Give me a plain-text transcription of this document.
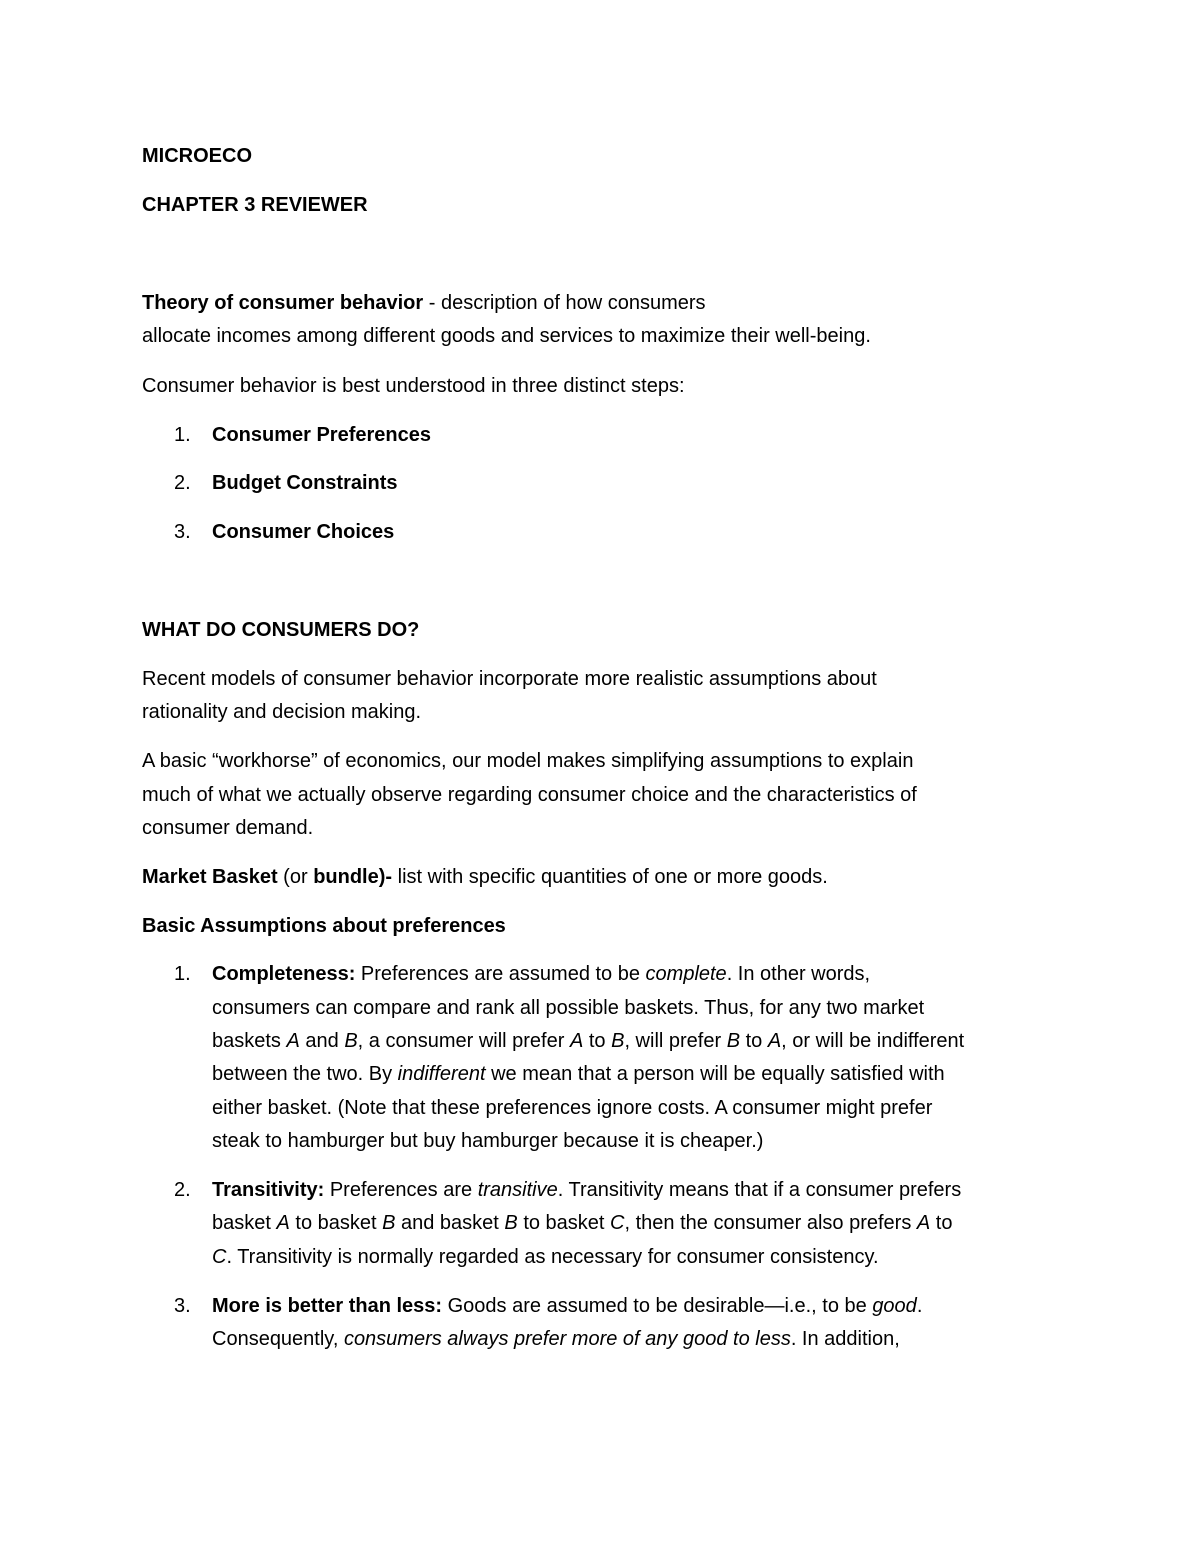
MICROECO
CHAPTER 3 REVIEWER
Theory of consumer behavior - description of how consumers
allocate incomes among different goods and services to maximize their well-being.
Consumer behavior is best understood in three distinct steps:
1. Consumer Preferences
2. Budget Constraints
3. Consumer Choices
WHAT DO CONSUMERS DO?
Recent models of consumer behavior incorporate more realistic assumptions about
rationality and decision making.
A basic “workhorse” of economics, our model makes simplifying assumptions to explain
much of what we actually observe regarding consumer choice and the characteristics of
consumer demand.
Market Basket (or bundle)- list with specific quantities of one or more goods.
Basic Assumptions about preferences
1. Completeness: Preferences are assumed to be complete. In other words,
consumers can compare and rank all possible baskets. Thus, for any two market
baskets A and B, a consumer will prefer A to B, will prefer B to A, or will be indifferent
between the two. By indifferent we mean that a person will be equally satisfied with
either basket. (Note that these preferences ignore costs. A consumer might prefer
steak to hamburger but buy hamburger because it is cheaper.)
2. Transitivity: Preferences are transitive. Transitivity means that if a consumer prefers
basket A to basket B and basket B to basket C, then the consumer also prefers A to
C. Transitivity is normally regarded as necessary for consumer consistency.
3. More is better than less: Goods are assumed to be desirable—i.e., to be good.
Consequently, consumers always prefer more of any good to less. In addition,
